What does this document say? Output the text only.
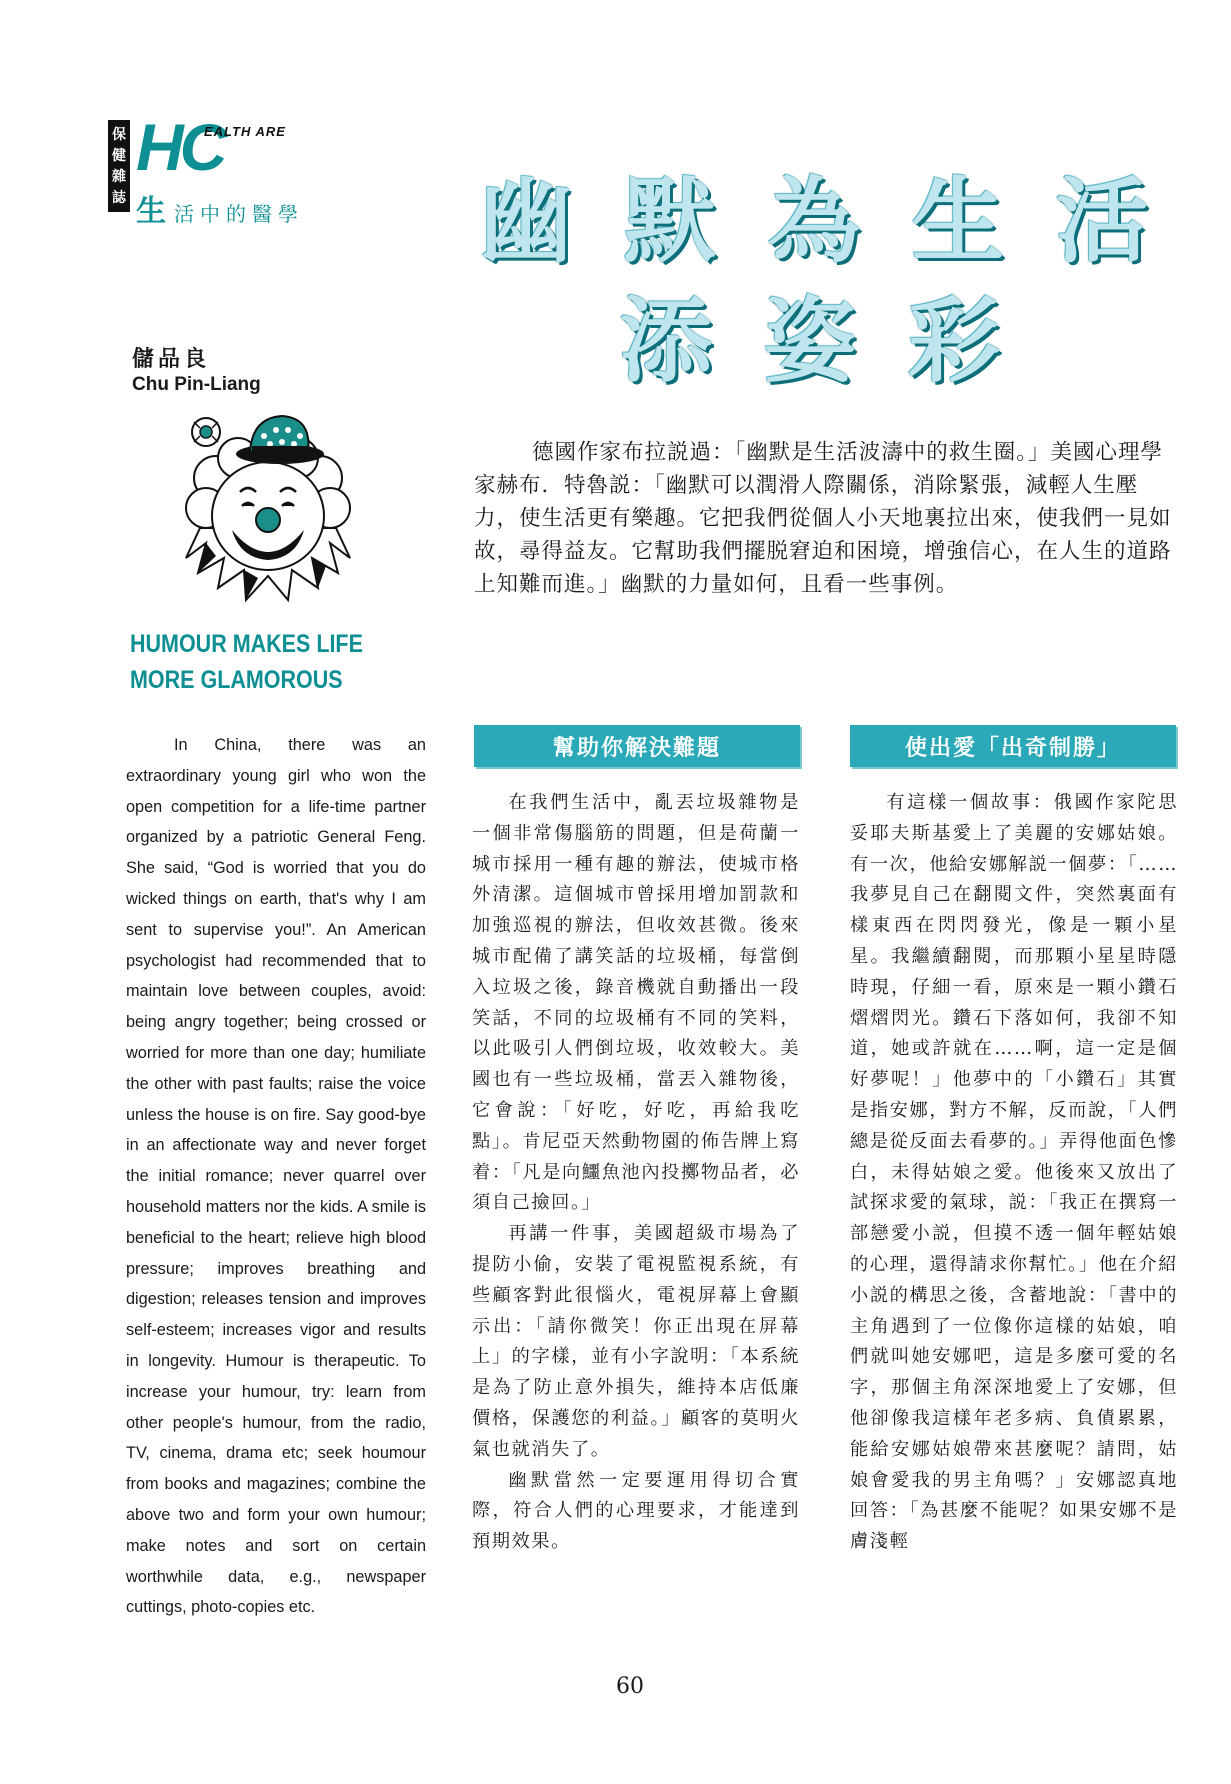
保
健
雜
誌
HC
EALTH ARE
生活中的醫學 幽默為生活
添姿彩
儲品良
Chu Pin-Liang
HUMOUR MAKES LIFE
MORE GLAMOROUS

德國作家布拉説過：「幽默是生活波濤中的救生圈。」美國心理學家赫布．特魯説：「幽默可以潤滑人際關係，消除緊張，減輕人生壓力，使生活更有樂趣。它把我們從個人小天地裏拉出來，使我們一見如故，尋得益友。它幫助我們擺脱窘迫和困境，增強信心，在人生的道路上知難而進。」幽默的力量如何，且看一些事例。

幫助你解決難題	使出愛「出奇制勝」

In China, there was an extraordinary young girl who won the open competition for a life-time partner organized by a patriotic General Feng. She said, “God is worried that you do wicked things on earth, that's why I am sent to supervise you!”. An American psychologist had recommended that to maintain love between couples, avoid: being angry together; being crossed or worried for more than one day; humiliate the other with past faults; raise the voice unless the house is on fire. Say good-bye in an affectionate way and never forget the initial romance; never quarrel over household matters nor the kids. A smile is beneficial to the heart; relieve high blood pressure; improves breathing and digestion; releases tension and improves self-esteem; increases vigor and results in longevity. Humour is therapeutic. To increase your humour, try: learn from other people's humour, from the radio, TV, cinema, drama etc; seek houmour from books and magazines; combine the above two and form your own humour; make notes and sort on certain worthwhile data, e.g., newspaper cuttings, photo-copies etc.

在我們生活中，亂丟垃圾雜物是一個非常傷腦筋的問題，但是荷蘭一城市採用一種有趣的辦法，使城市格外清潔。這個城市曾採用增加罰款和加強巡視的辦法，但收效甚微。後來城市配備了講笑話的垃圾桶，每當倒入垃圾之後，錄音機就自動播出一段笑話，不同的垃圾桶有不同的笑料，以此吸引人們倒垃圾，收效較大。美國也有一些垃圾桶，當丟入雜物後，它會說：「好吃，好吃，再給我吃點」。肯尼亞天然動物園的佈告牌上寫着：「凡是向鱷魚池內投擲物品者，必須自己撿回。」

再講一件事，美國超級市場為了提防小偷，安裝了電視監視系統，有些顧客對此很惱火，電視屏幕上會顯示出：「請你微笑！你正出現在屏幕上」的字樣，並有小字說明：「本系統是為了防止意外損失，維持本店低廉價格，保護您的利益。」顧客的莫明火氣也就消失了。

幽默當然一定要運用得切合實際，符合人們的心理要求，才能達到預期效果。

有這樣一個故事：俄國作家陀思妥耶夫斯基愛上了美麗的安娜姑娘。有一次，他給安娜解説一個夢：「……我夢見自己在翻閱文件，突然裏面有樣東西在閃閃發光，像是一顆小星星。我繼續翻閱，而那顆小星星時隱時現，仔細一看，原來是一顆小鑽石熠熠閃光。鑽石下落如何，我卻不知道，她或許就在……啊，這一定是個好夢呢！」他夢中的「小鑽石」其實是指安娜，對方不解，反而說，「人們總是從反面去看夢的。」弄得他面色慘白，未得姑娘之愛。他後來又放出了試探求愛的氣球，説：「我正在撰寫一部戀愛小説，但摸不透一個年輕姑娘的心理，還得請求你幫忙。」他在介紹小説的構思之後，含蓄地說：「書中的主角遇到了一位像你這樣的姑娘，咱們就叫她安娜吧，這是多麼可愛的名字，那個主角深深地愛上了安娜，但他卻像我這樣年老多病、負債累累，能給安娜姑娘帶來甚麼呢？請問，姑娘會愛我的男主角嗎？」安娜認真地回答：「為甚麼不能呢？如果安娜不是膚淺輕

60
